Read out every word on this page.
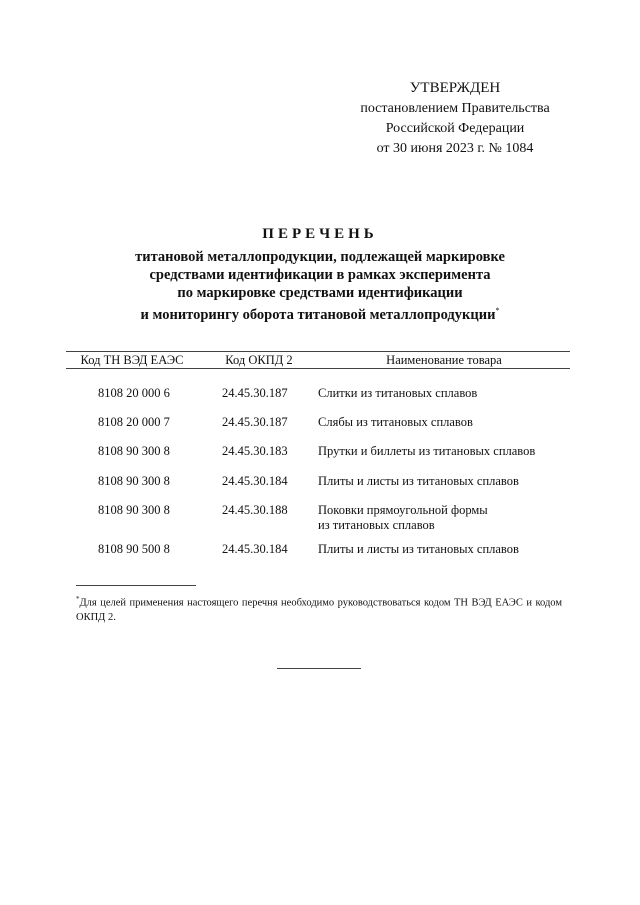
УТВЕРЖДЕН
постановлением Правительства
Российской Федерации
от 30 июня 2023 г. № 1084
ПЕРЕЧЕНЬ
титановой металлопродукции, подлежащей маркировке
средствами идентификации в рамках эксперимента
по маркировке средствами идентификации
и мониторингу оборота титановой металлопродукции*
Код ТН ВЭД ЕАЭС	Код ОКПД 2	Наименование товара
8108 20 000 6	24.45.30.187 Слитки из титановых сплавов
8108 20 000 7	24.45.30.187 Слябы из титановых сплавов
8108 90 300 8	24.45.30.183 Прутки и биллеты из титановых сплавов
8108 90 300 8	24.45.30.184 Плиты и листы из титановых сплавов
8108 90 300 8	24.45.30.188 Поковки прямоугольной формы
из титановых сплавов
8108 90 500 8	24.45.30.184 Плиты и листы из титановых сплавов
*Для целей применения настоящего перечня необходимо руководствоваться кодом ТН ВЭД ЕАЭС и кодом ОКПД 2.
